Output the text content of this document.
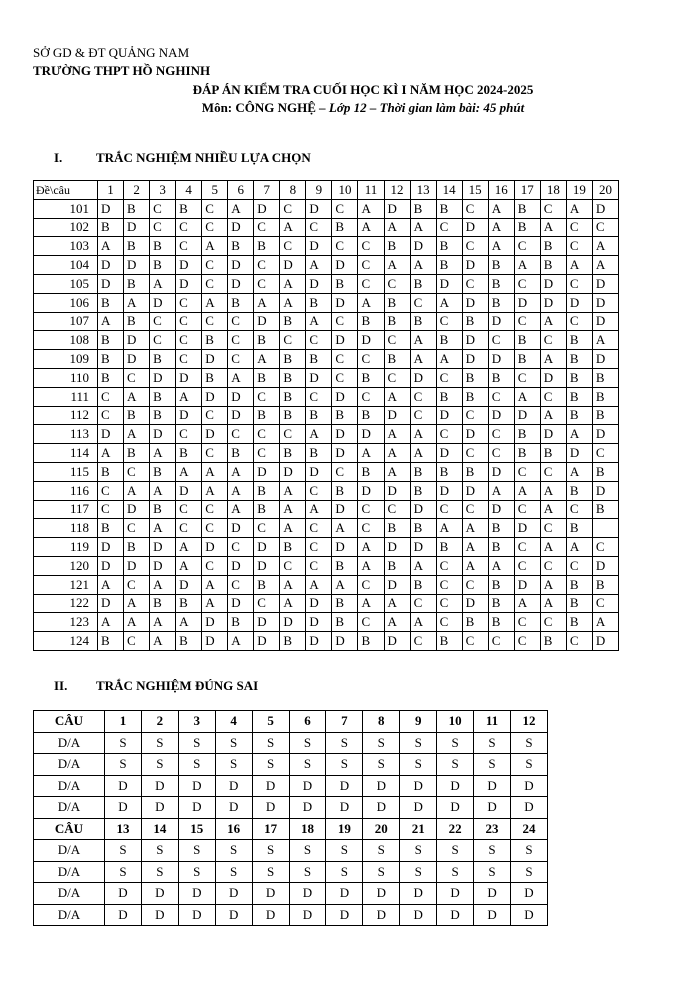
SỞ GD & ĐT QUẢNG NAM
TRƯỜNG THPT HỒ NGHINH
ĐÁP ÁN KIỂM TRA CUỐI HỌC KÌ I NĂM HỌC 2024-2025
Môn: CÔNG NGHỆ – Lớp 12 – Thời gian làm bài: 45 phút
I.	TRẮC NGHIỆM NHIỀU LỰA CHỌN
Đề\câu	1	2	3	4	5	6	7	8	9	10	11	12	13	14	15	16	17	18	19	20
101	D	B	C	B	C	A	D	C	D	C	A	D	B	B	C	A	B	C	A	D
102	B	D	C	C	C	D	C	A	C	B	A	A	A	C	D	A	B	A	C	C
103	A	B	B	C	A	B	B	C	D	C	C	B	D	B	C	A	C	B	C	A
104	D	D	B	D	C	D	C	D	A	D	C	A	A	B	D	B	A	B	A	A
105	D	B	A	D	C	D	C	A	D	B	C	C	B	D	C	B	C	D	C	D
106	B	A	D	C	A	B	A	A	B	D	A	B	C	A	D	B	D	D	D	D
107	A	B	C	C	C	C	D	B	A	C	B	B	B	C	B	D	C	A	C	D
108	B	D	C	C	B	C	B	C	C	D	D	C	A	B	D	C	B	C	B	A
109	B	D	B	C	D	C	A	B	B	C	C	B	A	A	D	D	B	A	B	D
110	B	C	D	D	B	A	B	B	D	C	B	C	D	C	B	B	C	D	B	B
111	C	A	B	A	D	D	C	B	C	D	C	A	C	B	B	C	A	C	B	B
112	C	B	B	D	C	D	B	B	B	B	B	D	C	D	C	D	D	A	B	B
113	D	A	D	C	D	C	C	C	A	D	D	A	A	C	D	C	B	D	A	D
114	A	B	A	B	C	B	C	B	B	D	A	A	A	D	C	C	B	B	D	C
115	B	C	B	A	A	A	D	D	D	C	B	A	B	B	B	D	C	C	A	B
116	C	A	A	D	A	A	B	A	C	B	D	D	B	D	D	A	A	A	B	D
117	C	D	B	C	C	A	B	A	A	D	C	C	D	C	C	D	C	A	C	B
118	B	C	A	C	C	D	C	A	C	A	C	B	B	A	A	B	D	C	B	
119	D	B	D	A	D	C	D	B	C	D	A	D	D	B	A	B	C	A	A	C
120	D	D	D	A	C	D	D	C	C	B	A	B	A	C	A	A	C	C	C	D
121	A	C	A	D	A	C	B	A	A	A	C	D	B	C	C	B	D	A	B	B
122	D	A	B	B	A	D	C	A	D	B	A	A	C	C	D	B	A	A	B	C
123	A	A	A	A	D	B	D	D	D	B	C	A	A	C	B	B	C	C	B	A
124	B	C	A	B	D	A	D	B	D	D	B	D	C	B	C	C	C	B	C	D
II. TRẮC NGHIỆM ĐÚNG SAI
CÂU	1	2	3	4	5	6	7	8	9	10	11	12
D/A	S	S	S	S	S	S	S	S	S	S	S	S
D/A	S	S	S	S	S	S	S	S	S	S	S	S
D/A	D	D	D	D	D	D	D	D	D	D	D	D
D/A	D	D	D	D	D	D	D	D	D	D	D	D
CÂU	13	14	15	16	17	18	19	20	21	22	23	24
D/A	S	S	S	S	S	S	S	S	S	S	S	S
D/A	S	S	S	S	S	S	S	S	S	S	S	S
D/A	D	D	D	D	D	D	D	D	D	D	D	D
D/A	D	D	D	D	D	D	D	D	D	D	D	D
